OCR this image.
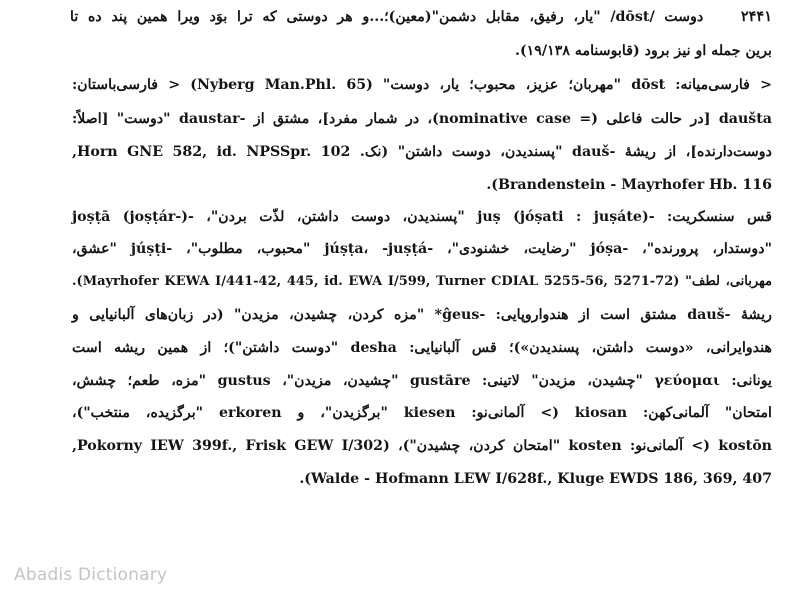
۲۴۴۱  دوست /dōst/ "یار، رفیق، مقابل دشمن"(معین)؛...و هر دوستی که ترا بوَد ویرا همین پند ده تا
برین جمله او نیز برود (قابوسنامه ۱۹/۱۳۸).
< فارسی‌میانه: dōst "مهربان؛ عزیز، محبوب؛ یار، دوست" (Nyberg Man.Phl. 65) < فارسی‌باستان:
daušta [در حالت فاعلی (= nominative case)، در شمار مفرد]، مشتق از -daustar "دوست" [اصلاً:
دوست‌دارنده]، از ریشهٔ -dauš "پسندیدن، دوست داشتن" (نک. Horn GNE 582, id. NPSSpr. 102,
Brandenstein - Mayrhofer Hb. 116).
قس سنسکریت: -juṣ (jóṣati : juṣáte) "پسندیدن، دوست داشتن، لذّت بردن"، -joṣṭā (joṣṭár-)
"دوستدار، پرورنده"، -jóṣa "رضایت، خشنودی"، -júṣṭa، -juṣṭá "محبوب، مطلوب"، -júṣṭi "عشق،
مهربانی، لطف" (Mayrhofer KEWA I/441-42, 445, id. EWA I/599, Turner CDIAL 5255-56, 5271-72).
ریشهٔ -dauš مشتق است از هندواروپایی: -ĝeus* "مزه کردن، چشیدن، مزیدن" (در زبان‌های آلبانیایی و
هندوایرانی، «دوست داشتن، پسندیدن»)؛ قس آلبانیایی: desha "دوست داشتن")؛ از همین ریشه است
یونانی: γεύομαι "چشیدن، مزیدن" لاتینی: gustāre "چشیدن، مزیدن"، gustus "مزه، طعم؛ چشش،
امتحان" آلمانی‌کهن: kiosan (> آلمانی‌نو: kiesen "برگزیدن"، و erkoren "برگزیده، منتخب")،
kostōn (> آلمانی‌نو: kosten "امتحان کردن، چشیدن")، (Pokorny IEW 399f., Frisk GEW I/302,
Walde - Hofmann LEW I/628f., Kluge EWDS 186, 369, 407).
Abadis Dictionary
